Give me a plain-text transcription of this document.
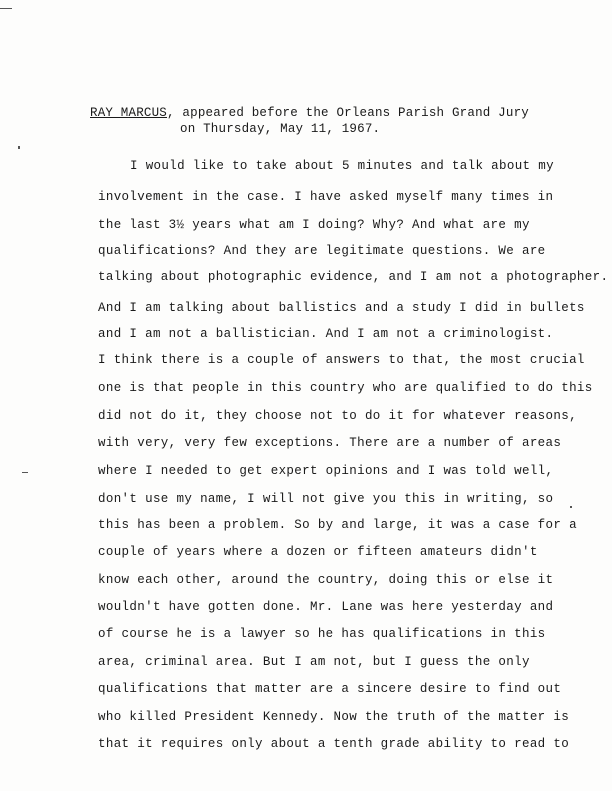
RAY MARCUS, appeared before the Orleans Parish Grand Jury
on Thursday, May 11, 1967.
I would like to take about 5 minutes and talk about my
involvement in the case. I have asked myself many times in
the last 3½ years what am I doing? Why? And what are my
qualifications? And they are legitimate questions. We are
talking about photographic evidence, and I am not a photographer.
And I am talking about ballistics and a study I did in bullets
and I am not a ballistician. And I am not a criminologist.
I think there is a couple of answers to that, the most crucial
one is that people in this country who are qualified to do this
did not do it, they choose not to do it for whatever reasons,
with very, very few exceptions. There are a number of areas
where I needed to get expert opinions and I was told well,
don't use my name, I will not give you this in writing, so
this has been a problem. So by and large, it was a case for a
couple of years where a dozen or fifteen amateurs didn't
know each other, around the country, doing this or else it
wouldn't have gotten done. Mr. Lane was here yesterday and
of course he is a lawyer so he has qualifications in this
area, criminal area. But I am not, but I guess the only
qualifications that matter are a sincere desire to find out
who killed President Kennedy. Now the truth of the matter is
that it requires only about a tenth grade ability to read to
